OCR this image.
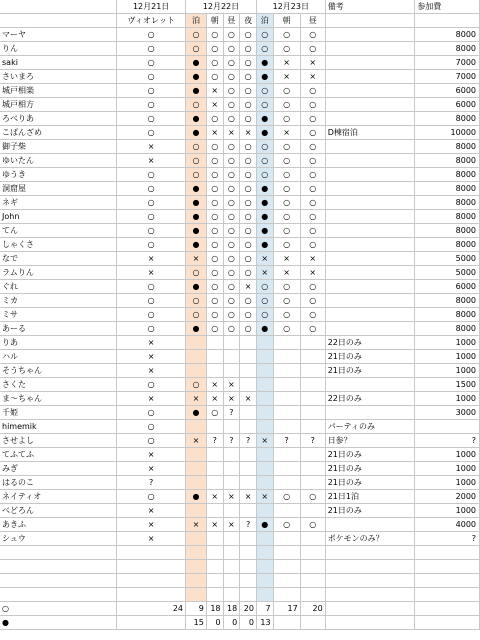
	12月21日	12月22日				12月23日			備考	参加費
	ヴィオレット	泊	朝	昼	夜	泊	朝	昼		
マーヤ	○	○	○	○	○	○	○	○		8000
りん	○	○	○	○	○	○	○	○		8000
saki	○	●	○	○	○	●	×	×		7000
さいまろ	○	●	○	○	○	●	×	×		7000
城戸相楽	○	●	×	○	○	○	○	○		6000
城戸相方	○	○	×	○	○	○	○	○		6000
ろべりあ	○	●	○	○	○	●	○	○		8000
こばんざめ	○	●	×	×	×	●	×	○	D棟宿泊	10000
御子柴	×	○	○	○	○	○	○	○		8000
ゆいたん	×	○	○	○	○	○	○	○		8000
ゆうき	○	○	○	○	○	○	○	○		8000
洞窟屋	○	●	○	○	○	●	○	○		8000
ネギ	○	●	○	○	○	●	○	○		8000
John	○	●	○	○	○	●	○	○		8000
てん	○	●	○	○	○	●	○	○		8000
しゃくさ	○	●	○	○	○	●	○	○		8000
なで	×	×	○	○	○	×	×	×		5000
ラムりん	×	○	○	○	○	×	×	×		5000
ぐれ	○	●	○	○	×	○	○	○		6000
ミカ	○	○	○	○	○	○	○	○		8000
ミサ	○	○	○	○	○	○	○	○		8000
あーる	○	●	○	○	○	●	○	○		8000
りあ	×								22日のみ	1000
ハル	×								21日のみ	1000
そうちゃん	×								21日のみ	1000
さくた	○	○	×	×						1500
ま～ちゃん	×	×	×	×	×				22日のみ	1000
千姫	○	●	○	?						3000
himemik	○								パーティのみ	
させよし	○	×	?	?	?	×	?	?	日参？	?
てふてふ	×								21日のみ	1000
みぎ	×								21日のみ	1000
はるのこ	?								21日のみ	1000
ネイティオ	○	●	×	×	×	×	○	○	21日1泊	2000
べどろん	×								21日のみ	1000
あきふ	×	×	×	×	?	●	○	○		4000
シュウ	×								ポケモンのみ？	?

○	24	9	18	18	20	7	17	20		
●		15	0	0	0	13				
